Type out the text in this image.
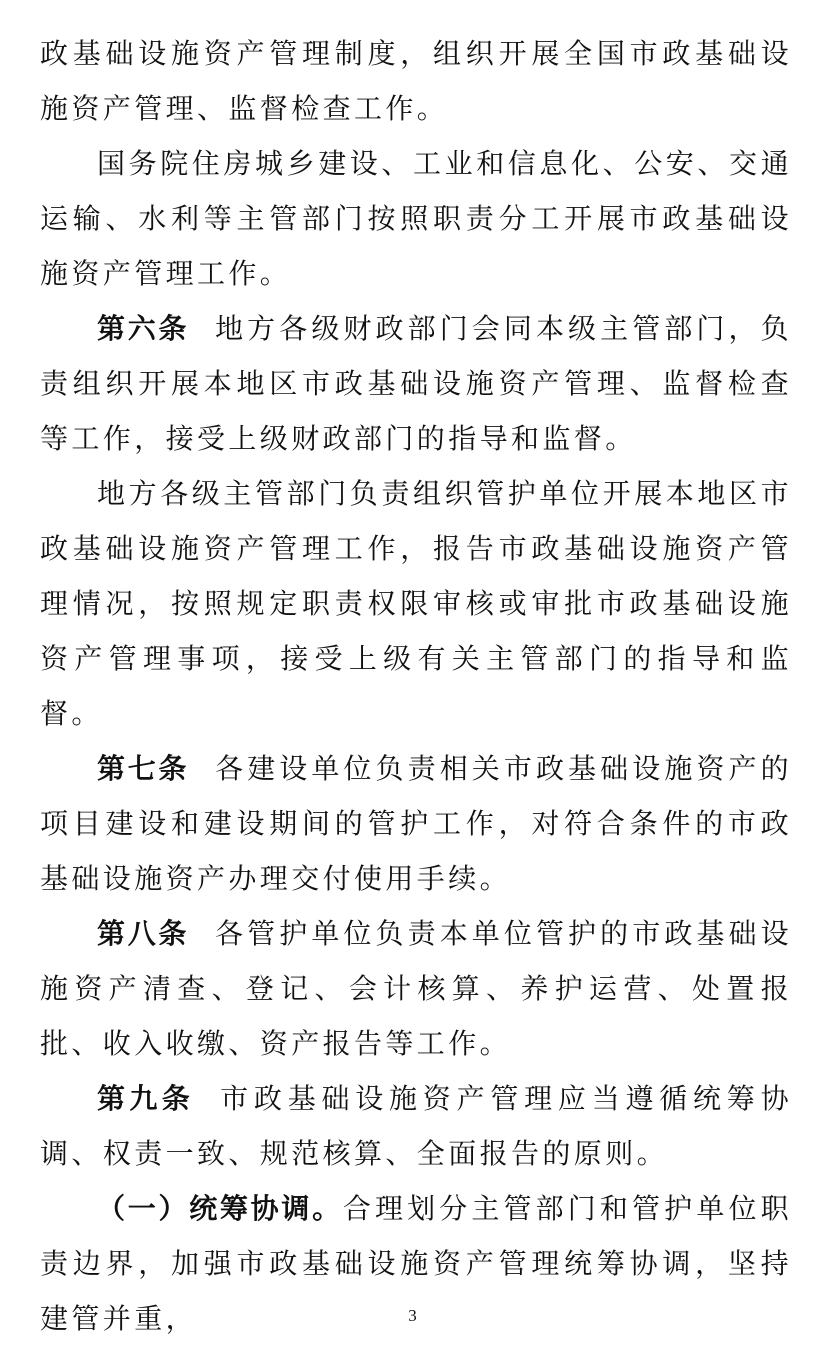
政基础设施资产管理制度，组织开展全国市政基础设施资产管理、监督检查工作。

国务院住房城乡建设、工业和信息化、公安、交通运输、水利等主管部门按照职责分工开展市政基础设施资产管理工作。

第六条 地方各级财政部门会同本级主管部门，负责组织开展本地区市政基础设施资产管理、监督检查等工作，接受上级财政部门的指导和监督。

地方各级主管部门负责组织管护单位开展本地区市政基础设施资产管理工作，报告市政基础设施资产管理情况，按照规定职责权限审核或审批市政基础设施资产管理事项，接受上级有关主管部门的指导和监督。

第七条 各建设单位负责相关市政基础设施资产的项目建设和建设期间的管护工作，对符合条件的市政基础设施资产办理交付使用手续。

第八条 各管护单位负责本单位管护的市政基础设施资产清查、登记、会计核算、养护运营、处置报批、收入收缴、资产报告等工作。

第九条 市政基础设施资产管理应当遵循统筹协调、权责一致、规范核算、全面报告的原则。

（一）统筹协调。合理划分主管部门和管护单位职责边界，加强市政基础设施资产管理统筹协调，坚持建管并重，	3
